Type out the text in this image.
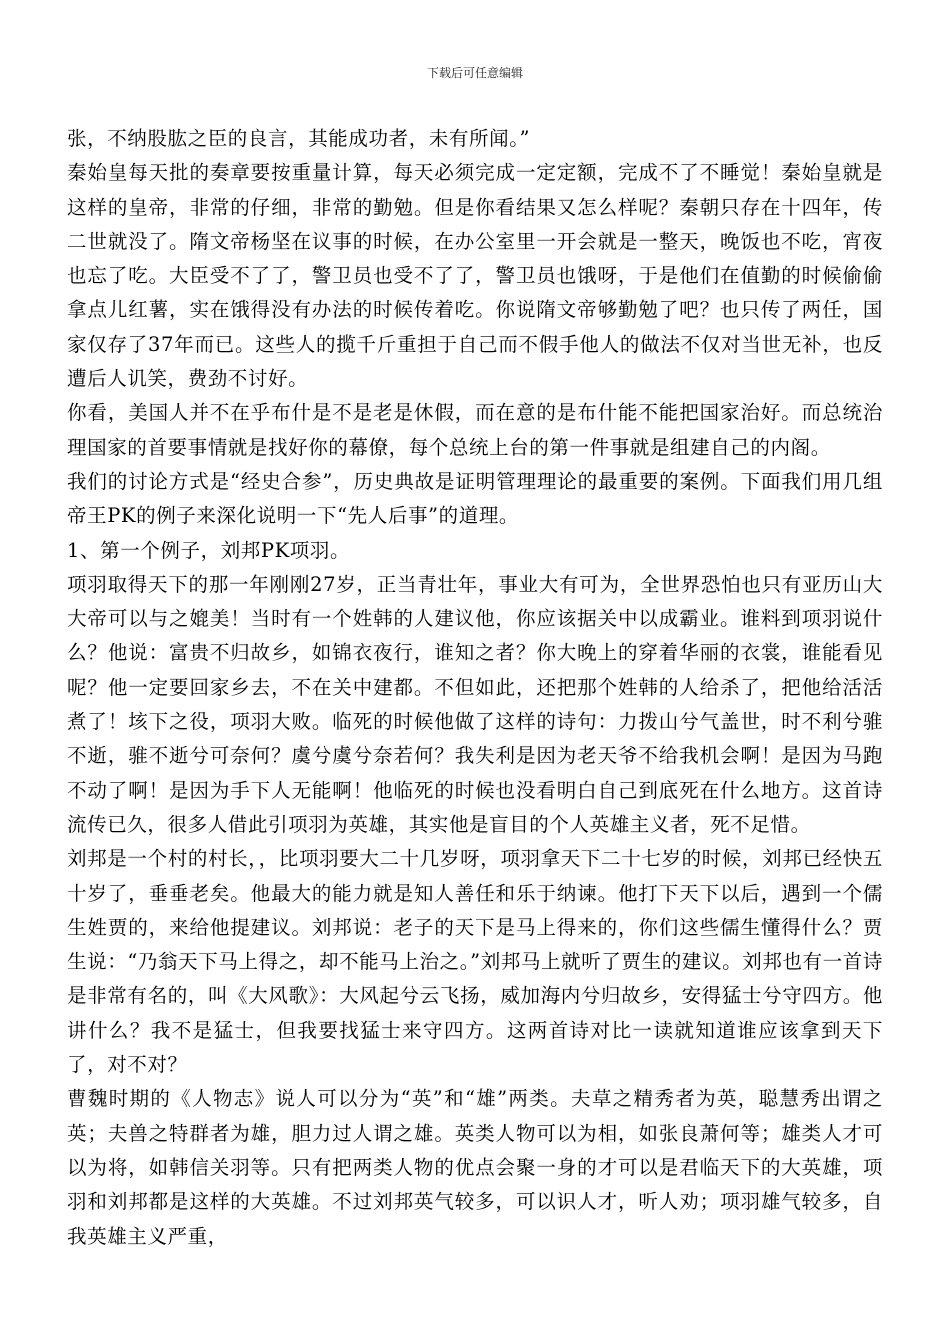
下载后可任意编辑

张，不纳股肱之臣的良言，其能成功者，未有所闻。”

秦始皇每天批的奏章要按重量计算，每天必须完成一定定额，完成不了不睡觉！秦始皇就是这样的皇帝，非常的仔细，非常的勤勉。但是你看结果又怎么样呢？秦朝只存在十四年，传二世就没了。隋文帝杨坚在议事的时候，在办公室里一开会就是一整天，晚饭也不吃，宵夜也忘了吃。大臣受不了了，警卫员也受不了了，警卫员也饿呀，于是他们在值勤的时候偷偷拿点儿红薯，实在饿得没有办法的时候传着吃。你说隋文帝够勤勉了吧？也只传了两任，国家仅存了37年而已。这些人的揽千斤重担于自己而不假手他人的做法不仅对当世无补，也反遭后人讥笑，费劲不讨好。

你看，美国人并不在乎布什是不是老是休假，而在意的是布什能不能把国家治好。而总统治理国家的首要事情就是找好你的幕僚，每个总统上台的第一件事就是组建自己的内阁。

我们的讨论方式是“经史合参”，历史典故是证明管理理论的最重要的案例。下面我们用几组帝王PK的例子来深化说明一下“先人后事”的道理。

1、第一个例子，刘邦PK项羽。

项羽取得天下的那一年刚刚27岁，正当青壮年，事业大有可为，全世界恐怕也只有亚历山大大帝可以与之媲美！当时有一个姓韩的人建议他，你应该据关中以成霸业。谁料到项羽说什么？他说：富贵不归故乡，如锦衣夜行，谁知之者？你大晚上的穿着华丽的衣裳，谁能看见呢？他一定要回家乡去，不在关中建都。不但如此，还把那个姓韩的人给杀了，把他给活活煮了！垓下之役，项羽大败。临死的时候他做了这样的诗句：力拨山兮气盖世，时不利兮骓不逝，骓不逝兮可奈何？虞兮虞兮奈若何？我失利是因为老天爷不给我机会啊！是因为马跑不动了啊！是因为手下人无能啊！他临死的时候也没看明白自己到底死在什么地方。这首诗流传已久，很多人借此引项羽为英雄，其实他是盲目的个人英雄主义者，死不足惜。

刘邦是一个村的村长，，比项羽要大二十几岁呀，项羽拿天下二十七岁的时候，刘邦已经快五十岁了，垂垂老矣。他最大的能力就是知人善任和乐于纳谏。他打下天下以后，遇到一个儒生姓贾的，来给他提建议。刘邦说：老子的天下是马上得来的，你们这些儒生懂得什么？贾生说：“乃翁天下马上得之，却不能马上治之。”刘邦马上就听了贾生的建议。刘邦也有一首诗是非常有名的，叫《大风歌》：大风起兮云飞扬，威加海内兮归故乡，安得猛士兮守四方。他讲什么？我不是猛士，但我要找猛士来守四方。这两首诗对比一读就知道谁应该拿到天下了，对不对？

曹魏时期的《人物志》说人可以分为“英”和“雄”两类。夫草之精秀者为英，聪慧秀出谓之英；夫兽之特群者为雄，胆力过人谓之雄。英类人物可以为相，如张良萧何等；雄类人才可以为将，如韩信关羽等。只有把两类人物的优点会聚一身的才可以是君临天下的大英雄，项羽和刘邦都是这样的大英雄。不过刘邦英气较多，可以识人才，听人劝；项羽雄气较多，自我英雄主义严重，
